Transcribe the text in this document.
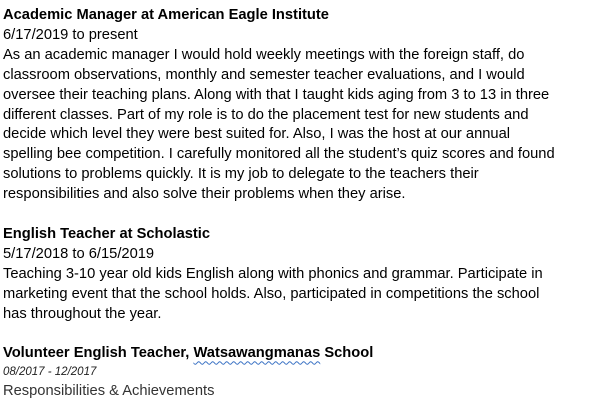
Academic Manager at American Eagle Institute

6/17/2019 to present

As an academic manager I would hold weekly meetings with the foreign staff, do

classroom observations, monthly and semester teacher evaluations, and I would

oversee their teaching plans. Along with that I taught kids aging from 3 to 13 in three

different classes. Part of my role is to do the placement test for new students and

decide which level they were best suited for. Also, I was the host at our annual

spelling bee competition. I carefully monitored all the student’s quiz scores and found

solutions to problems quickly. It is my job to delegate to the teachers their

responsibilities and also solve their problems when they arise.

English Teacher at Scholastic

5/17/2018 to 6/15/2019

Teaching 3-10 year old kids English along with phonics and grammar. Participate in

marketing event that the school holds. Also, participated in competitions the school

has throughout the year.

Volunteer English Teacher, Watsawangmanas School

08/2017 - 12/2017

Responsibilities & Achievements
